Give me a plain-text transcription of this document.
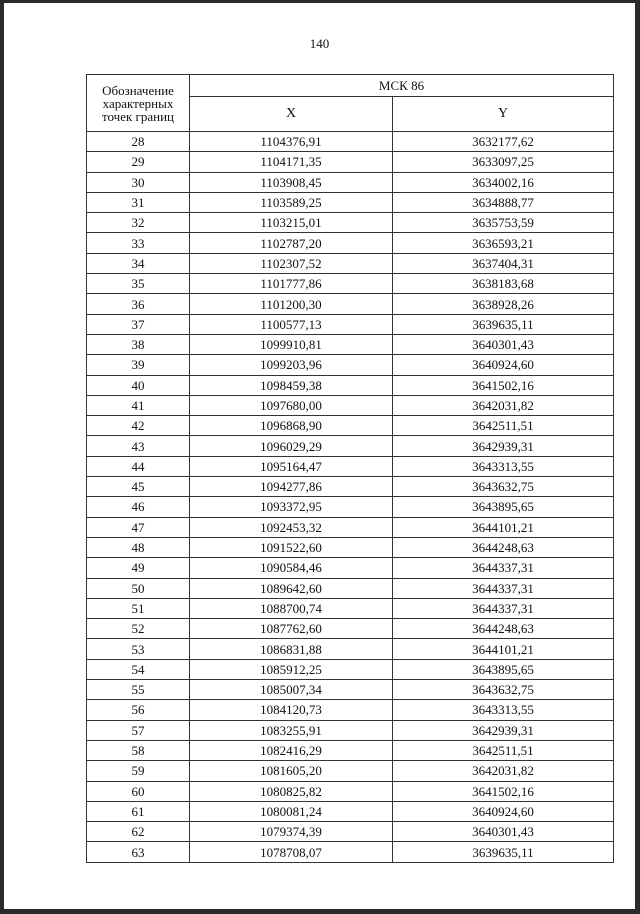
140
Обозначение характерных точек границ	МСК 86	
	X	Y
28	1104376,91	3632177,62
29	1104171,35	3633097,25
30	1103908,45	3634002,16
31	1103589,25	3634888,77
32	1103215,01	3635753,59
33	1102787,20	3636593,21
34	1102307,52	3637404,31
35	1101777,86	3638183,68
36	1101200,30	3638928,26
37	1100577,13	3639635,11
38	1099910,81	3640301,43
39	1099203,96	3640924,60
40	1098459,38	3641502,16
41	1097680,00	3642031,82
42	1096868,90	3642511,51
43	1096029,29	3642939,31
44	1095164,47	3643313,55
45	1094277,86	3643632,75
46	1093372,95	3643895,65
47	1092453,32	3644101,21
48	1091522,60	3644248,63
49	1090584,46	3644337,31
50	1089642,60	3644337,31
51	1088700,74	3644337,31
52	1087762,60	3644248,63
53	1086831,88	3644101,21
54	1085912,25	3643895,65
55	1085007,34	3643632,75
56	1084120,73	3643313,55
57	1083255,91	3642939,31
58	1082416,29	3642511,51
59	1081605,20	3642031,82
60	1080825,82	3641502,16
61	1080081,24	3640924,60
62	1079374,39	3640301,43
63	1078708,07	3639635,11
